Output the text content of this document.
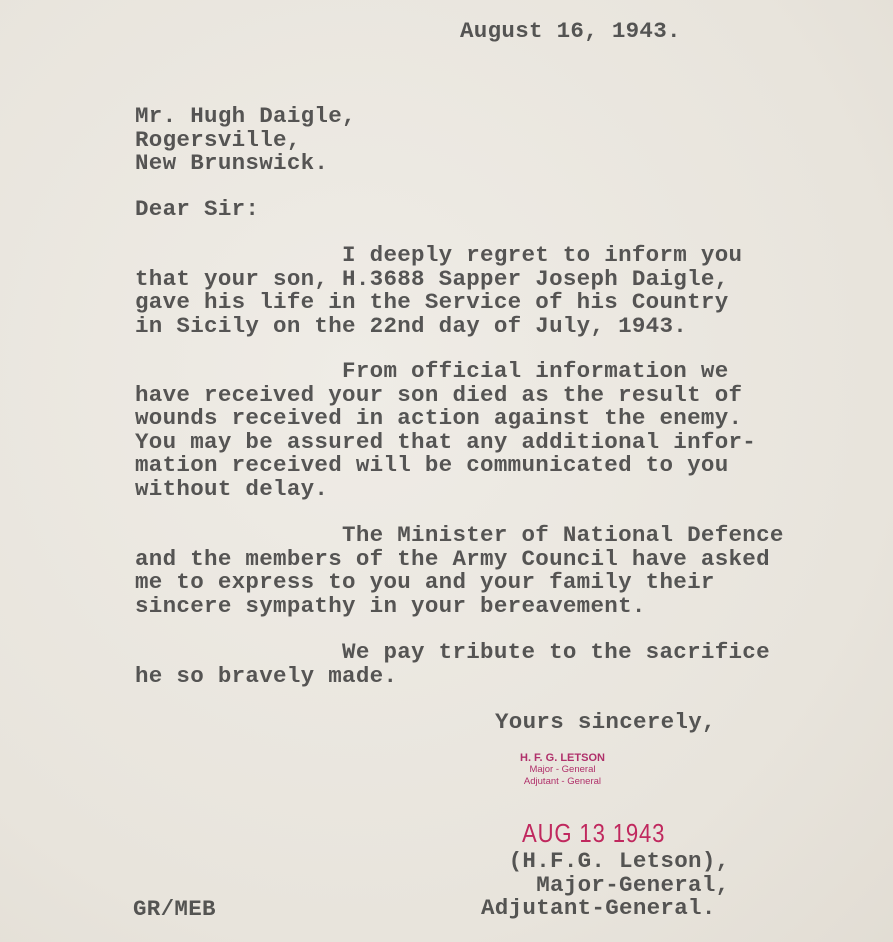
August 16, 1943.
Mr. Hugh Daigle,
Rogersville,
New Brunswick.
Dear Sir:
I deeply regret to inform you
that your son, H.3688 Sapper Joseph Daigle,
gave his life in the Service of his Country
in Sicily on the 22nd day of July, 1943.
From official information we
have received your son died as the result of
wounds received in action against the enemy.
You may be assured that any additional infor-
mation received will be communicated to you
without delay.
The Minister of National Defence
and the members of the Army Council have asked
me to express to you and your family their
sincere sympathy in your bereavement.
We pay tribute to the sacrifice
he so bravely made.
Yours sincerely,
H. F. G. LETSON
Major - General
Adjutant - General
AUG 13 1943
(H.F.G. Letson),
Major-General,
Adjutant-General.
GR/MEB
